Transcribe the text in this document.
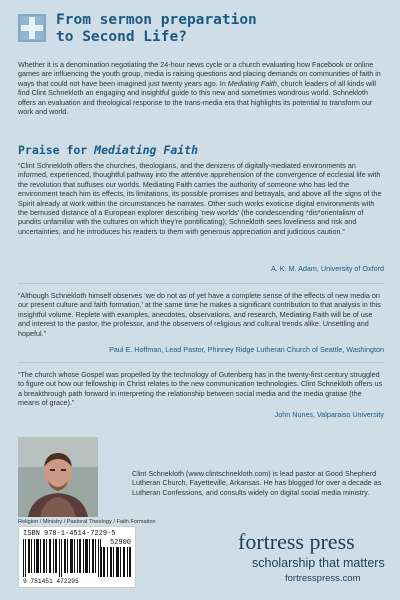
From sermon preparation
to Second Life?

Whether it is a denomination negotiating the 24-hour news cycle or a church evaluating how Facebook or online games are influencing the youth group, media is raising questions and placing demands on communities of faith in ways that could not have been imagined just twenty years ago. In Mediating Faith, church leaders of all kinds will find Clint Schnekloth an engaging and insightful guide to this new and sometimes wondrous world. Schnekloth offers an evaluation and theological response to the trans-media era that highlights its potential to transform our work and world.

Praise for Mediating Faith

“Clint Schnekloth offers the churches, theologians, and the denizens of digitally-mediated environments an informed, experienced, thoughtful pathway into the attentive apprehension of the convergence of ecclesial life with the revolution that suffuses our worlds. Mediating Faith carries the authority of someone who has led the environment teach him its effects, its limitations, its possible promises and betrayals, and above all the signs of the Spirit already at work within the circumstances he narrates. Other such works exoticise digital environments with the bemused distance of a European explorer describing ‘new worlds’ (the condescending *dis*orientalism of pundits unfamiliar with the cultures on which they’re pontificating); Schnekloth sees loveliness and risk and uncertainties, and he introduces his readers to them with generous appreciation and judicious caution.”

A. K. M. Adam, University of Oxford

“Although Schnekloth himself observes ‘we do not as of yet have a complete sense of the effects of new media on our present culture and faith formation,’ at the same time he makes a significant contribution to that analysis in this insightful volume. Replete with examples, anecdotes, observations, and research, Mediating Faith will be of use and interest to the pastor, the professor, and the observers of religious and cultural trends alike. Unsettling and hopeful.”

Paul E. Hoffman, Lead Pastor, Phinney Ridge Lutheran Church of Seattle, Washington

“The church whose Gospel was propelled by the technology of Gutenberg has in the twenty-first century struggled to figure out how our fellowship in Christ relates to the new communication technologies. Clint Schnekloth offers us a breakthrough path forward in interpreting the relationship between social media and the media gratiae (the means of grace).”

John Nunes, Valparaiso University

Clint Schnekloth (www.clintschnekloth.com) is lead pastor at Good Shepherd Lutheran Church, Fayetteville, Arkansas. He has blogged for over a decade as Lutheran Confessions, and consults widely on digital social media ministry.

Religion / Ministry / Pastoral Theology / Faith Formation
ISBN 978-1-4514-7229-5
52900
9 781451 472295
fortress press
scholarship that matters
fortresspress.com
